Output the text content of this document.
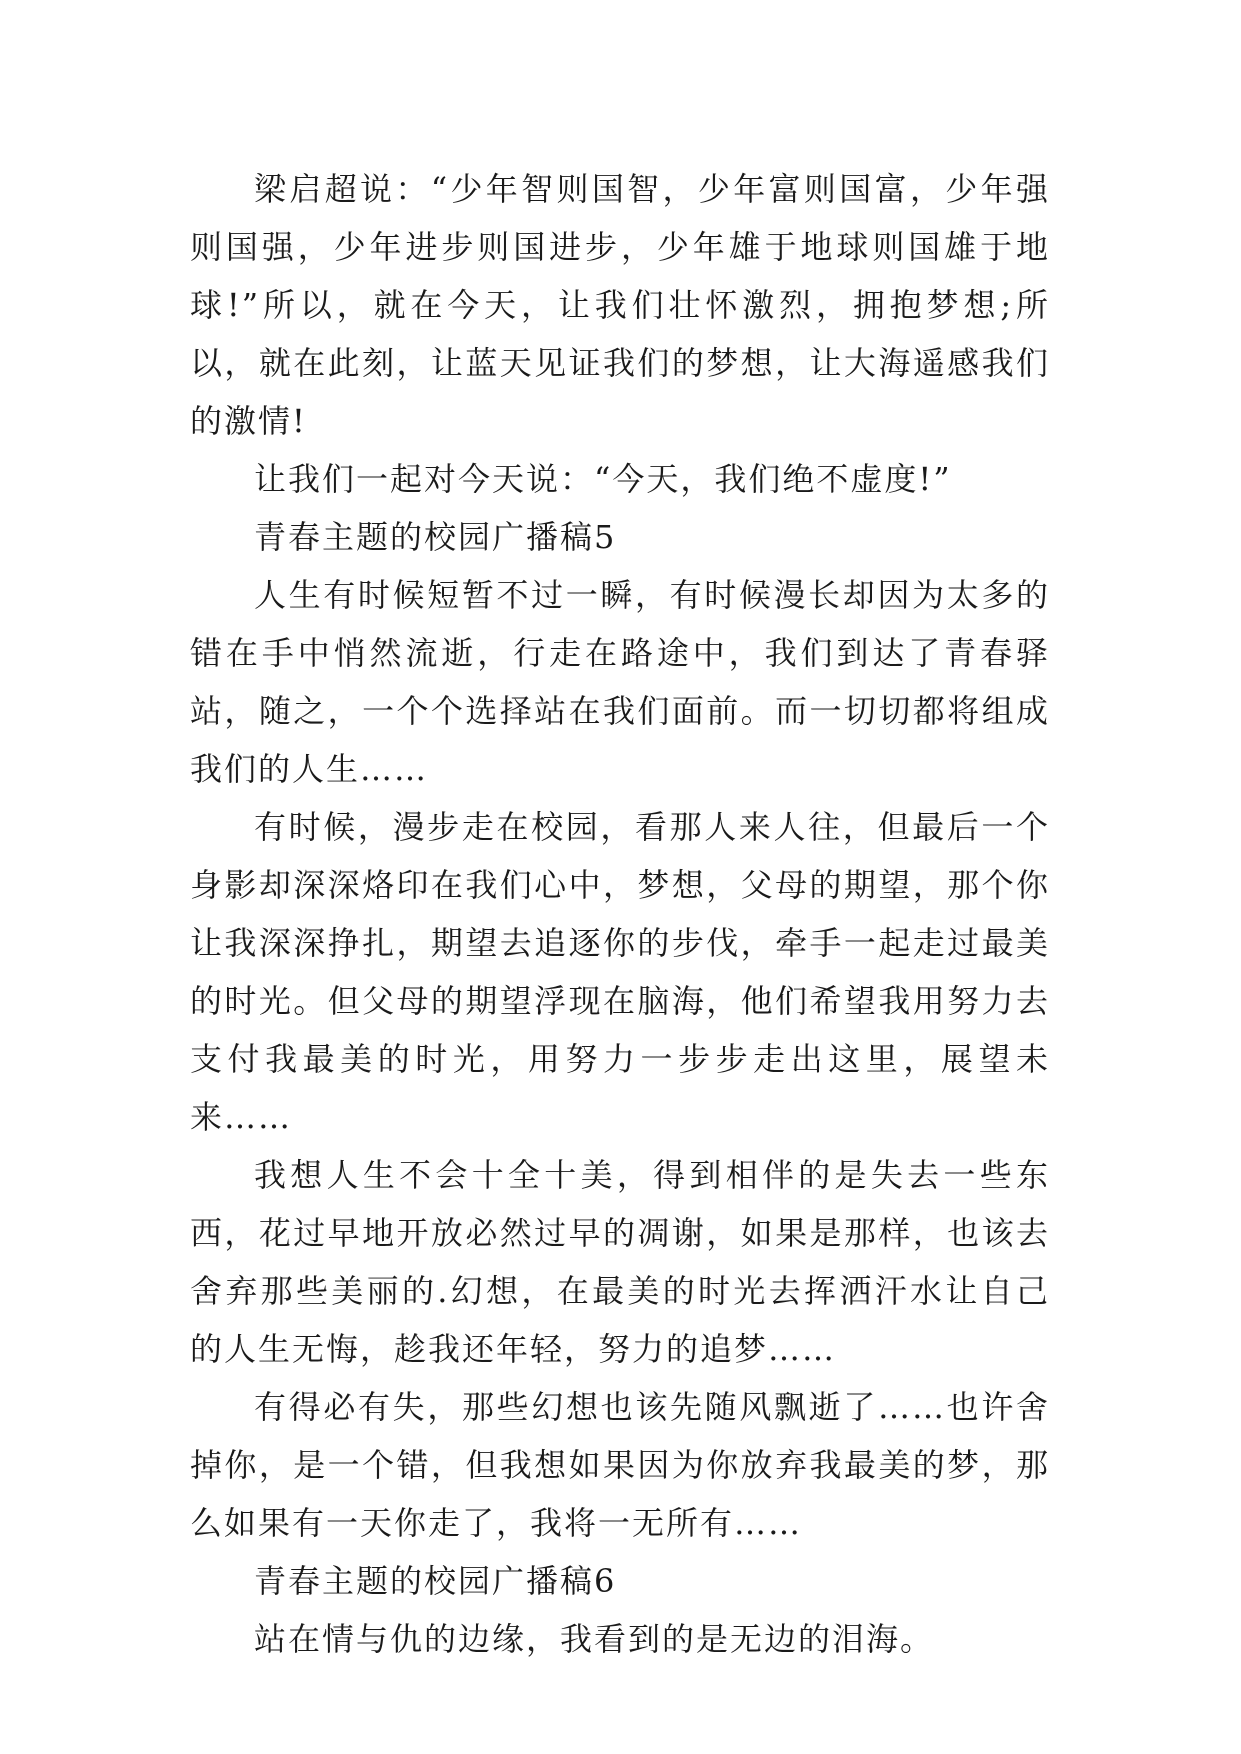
梁启超说：“少年智则国智，少年富则国富，少年强则国强，少年进步则国进步，少年雄于地球则国雄于地球!”所以，就在今天，让我们壮怀激烈，拥抱梦想;所以，就在此刻，让蓝天见证我们的梦想，让大海遥感我们的激情!

让我们一起对今天说：“今天，我们绝不虚度!”

青春主题的校园广播稿5

人生有时候短暂不过一瞬，有时候漫长却因为太多的错在手中悄然流逝，行走在路途中，我们到达了青春驿站，随之，一个个选择站在我们面前。而一切切都将组成我们的人生……

有时候，漫步走在校园，看那人来人往，但最后一个身影却深深烙印在我们心中，梦想，父母的期望，那个你让我深深挣扎，期望去追逐你的步伐，牵手一起走过最美的时光。但父母的期望浮现在脑海，他们希望我用努力去支付我最美的时光，用努力一步步走出这里，展望未来……

我想人生不会十全十美，得到相伴的是失去一些东西，花过早地开放必然过早的凋谢，如果是那样，也该去舍弃那些美丽的.幻想，在最美的时光去挥洒汗水让自己的人生无悔，趁我还年轻，努力的追梦……

有得必有失，那些幻想也该先随风飘逝了……也许舍掉你，是一个错，但我想如果因为你放弃我最美的梦，那么如果有一天你走了，我将一无所有……

青春主题的校园广播稿6

站在情与仇的边缘，我看到的是无边的泪海。
